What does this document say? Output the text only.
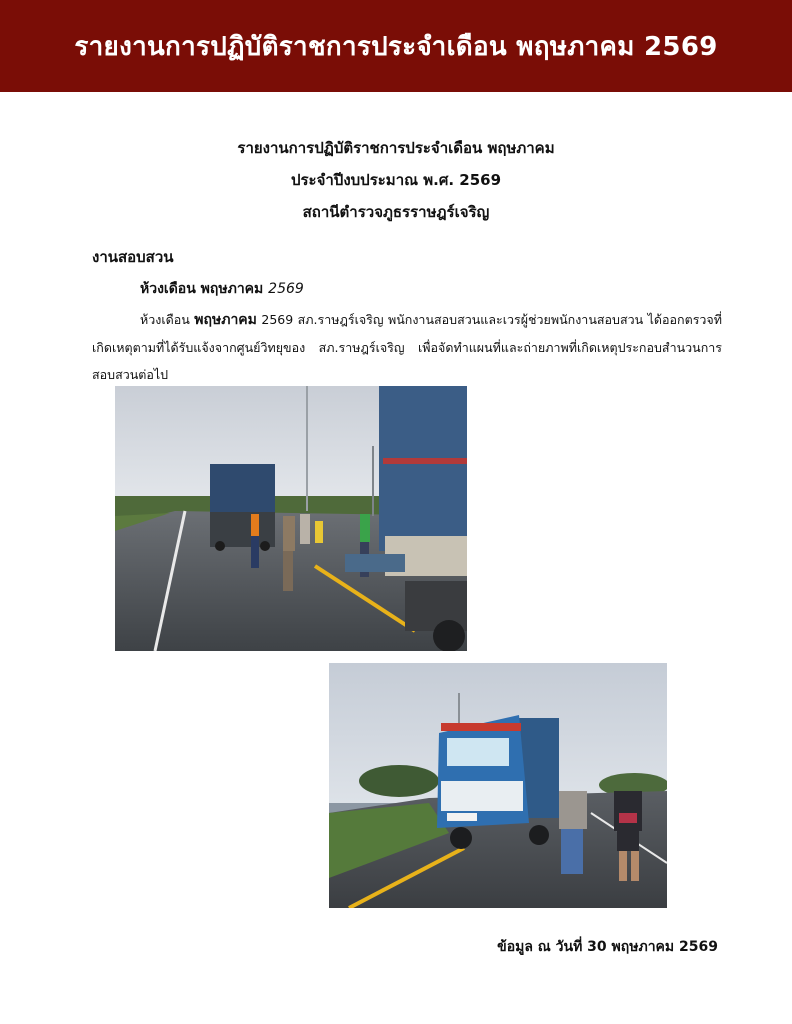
รายงานการปฏิบัติราชการประจำเดือน พฤษภาคม 2569
รายงานการปฏิบัติราชการประจำเดือน พฤษภาคม
ประจำปีงบประมาณ พ.ศ. 2569
สถานีตำรวจภูธรราษฎร์เจริญ
งานสอบสวน
ห้วงเดือน พฤษภาคม 2569
ห้วงเดือน พฤษภาคม 2569 สภ.ราษฎร์เจริญ พนักงานสอบสวนและเวรผู้ช่วยพนักงานสอบสวน ได้ออกตรวจที่เกิดเหตุตามที่ได้รับแจ้งจากศูนย์วิทยุของ สภ.ราษฎร์เจริญ เพื่อจัดทำแผนที่และถ่ายภาพที่เกิดเหตุประกอบสำนวนการสอบสวนต่อไป
ข้อมูล ณ วันที่ 30 พฤษภาคม 2569
